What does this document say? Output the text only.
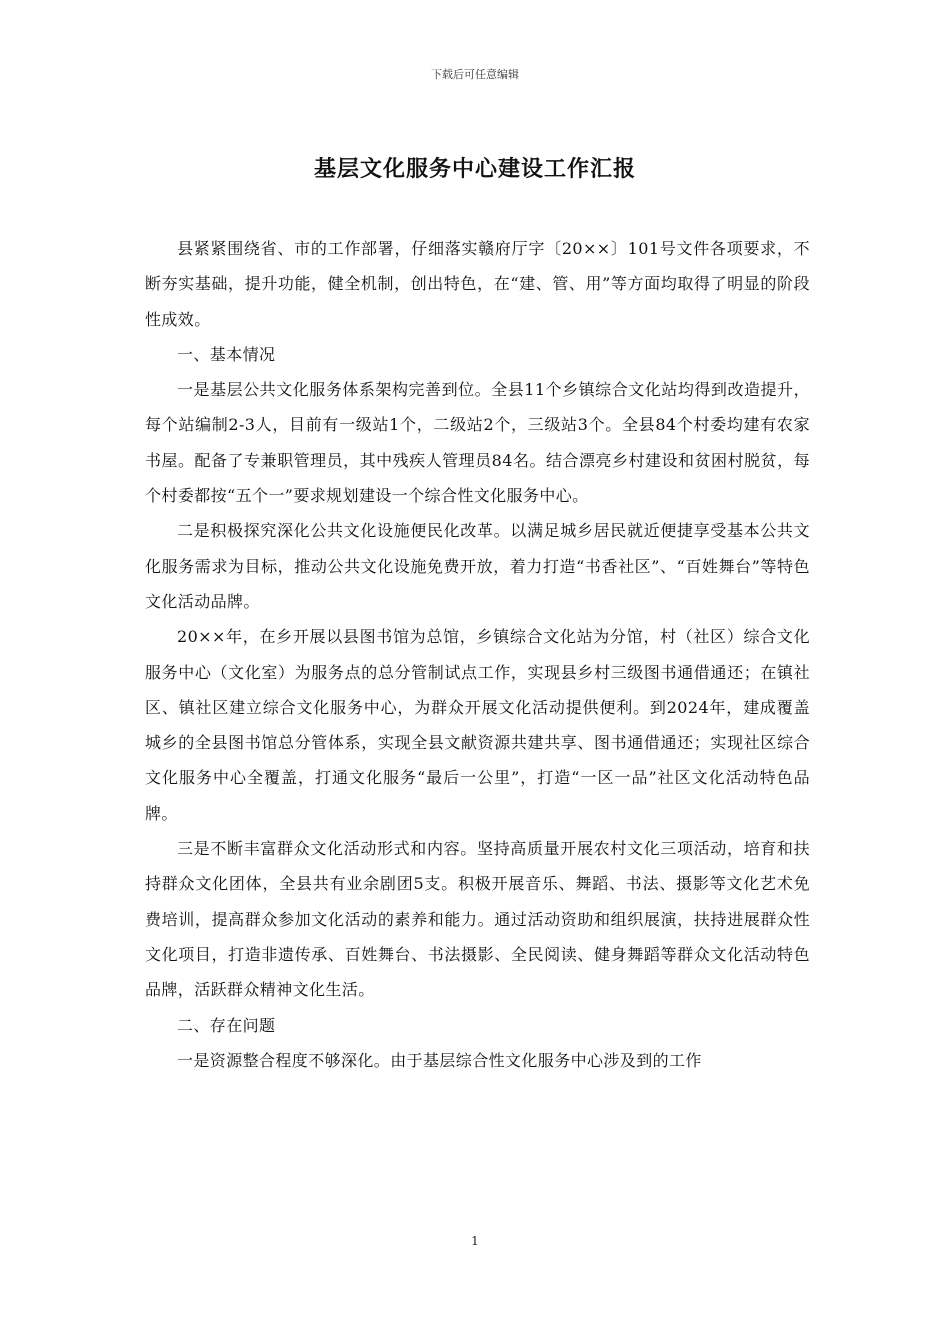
下载后可任意编辑
基层文化服务中心建设工作汇报

县紧紧围绕省、市的工作部署，仔细落实赣府厅字〔20××〕101号文件各项要求，不断夯实基础，提升功能，健全机制，创出特色，在“建、管、用”等方面均取得了明显的阶段性成效。

一、基本情况

一是基层公共文化服务体系架构完善到位。全县11个乡镇综合文化站均得到改造提升，每个站编制2-3人，目前有一级站1个，二级站2个，三级站3个。全县84个村委均建有农家书屋。配备了专兼职管理员，其中残疾人管理员84名。结合漂亮乡村建设和贫困村脱贫，每个村委都按“五个一”要求规划建设一个综合性文化服务中心。

二是积极探究深化公共文化设施便民化改革。以满足城乡居民就近便捷享受基本公共文化服务需求为目标，推动公共文化设施免费开放，着力打造“书香社区”、“百姓舞台”等特色文化活动品牌。

20××年，在乡开展以县图书馆为总馆，乡镇综合文化站为分馆，村（社区）综合文化服务中心（文化室）为服务点的总分管制试点工作，实现县乡村三级图书通借通还；在镇社区、镇社区建立综合文化服务中心，为群众开展文化活动提供便利。到2024年，建成覆盖城乡的全县图书馆总分管体系，实现全县文献资源共建共享、图书通借通还；实现社区综合文化服务中心全覆盖，打通文化服务“最后一公里”，打造“一区一品”社区文化活动特色品牌。

三是不断丰富群众文化活动形式和内容。坚持高质量开展农村文化三项活动，培育和扶持群众文化团体，全县共有业余剧团5支。积极开展音乐、舞蹈、书法、摄影等文化艺术免费培训，提高群众参加文化活动的素养和能力。通过活动资助和组织展演，扶持进展群众性文化项目，打造非遗传承、百姓舞台、书法摄影、全民阅读、健身舞蹈等群众文化活动特色品牌，活跃群众精神文化生活。

二、存在问题

一是资源整合程度不够深化。由于基层综合性文化服务中心涉及到的工作

1
